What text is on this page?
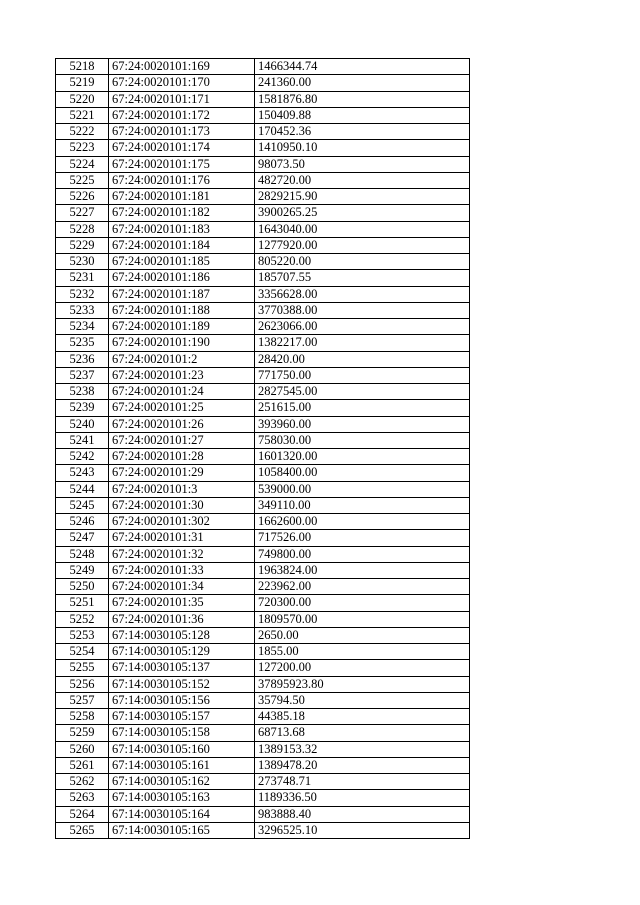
5218	67:24:0020101:169	1466344.74
5219	67:24:0020101:170	241360.00
5220	67:24:0020101:171	1581876.80
5221	67:24:0020101:172	150409.88
5222	67:24:0020101:173	170452.36
5223	67:24:0020101:174	1410950.10
5224	67:24:0020101:175	98073.50
5225	67:24:0020101:176	482720.00
5226	67:24:0020101:181	2829215.90
5227	67:24:0020101:182	3900265.25
5228	67:24:0020101:183	1643040.00
5229	67:24:0020101:184	1277920.00
5230	67:24:0020101:185	805220.00
5231	67:24:0020101:186	185707.55
5232	67:24:0020101:187	3356628.00
5233	67:24:0020101:188	3770388.00
5234	67:24:0020101:189	2623066.00
5235	67:24:0020101:190	1382217.00
5236	67:24:0020101:2	28420.00
5237	67:24:0020101:23	771750.00
5238	67:24:0020101:24	2827545.00
5239	67:24:0020101:25	251615.00
5240	67:24:0020101:26	393960.00
5241	67:24:0020101:27	758030.00
5242	67:24:0020101:28	1601320.00
5243	67:24:0020101:29	1058400.00
5244	67:24:0020101:3	539000.00
5245	67:24:0020101:30	349110.00
5246	67:24:0020101:302	1662600.00
5247	67:24:0020101:31	717526.00
5248	67:24:0020101:32	749800.00
5249	67:24:0020101:33	1963824.00
5250	67:24:0020101:34	223962.00
5251	67:24:0020101:35	720300.00
5252	67:24:0020101:36	1809570.00
5253	67:14:0030105:128	2650.00
5254	67:14:0030105:129	1855.00
5255	67:14:0030105:137	127200.00
5256	67:14:0030105:152	37895923.80
5257	67:14:0030105:156	35794.50
5258	67:14:0030105:157	44385.18
5259	67:14:0030105:158	68713.68
5260	67:14:0030105:160	1389153.32
5261	67:14:0030105:161	1389478.20
5262	67:14:0030105:162	273748.71
5263	67:14:0030105:163	1189336.50
5264	67:14:0030105:164	983888.40
5265	67:14:0030105:165	3296525.10
